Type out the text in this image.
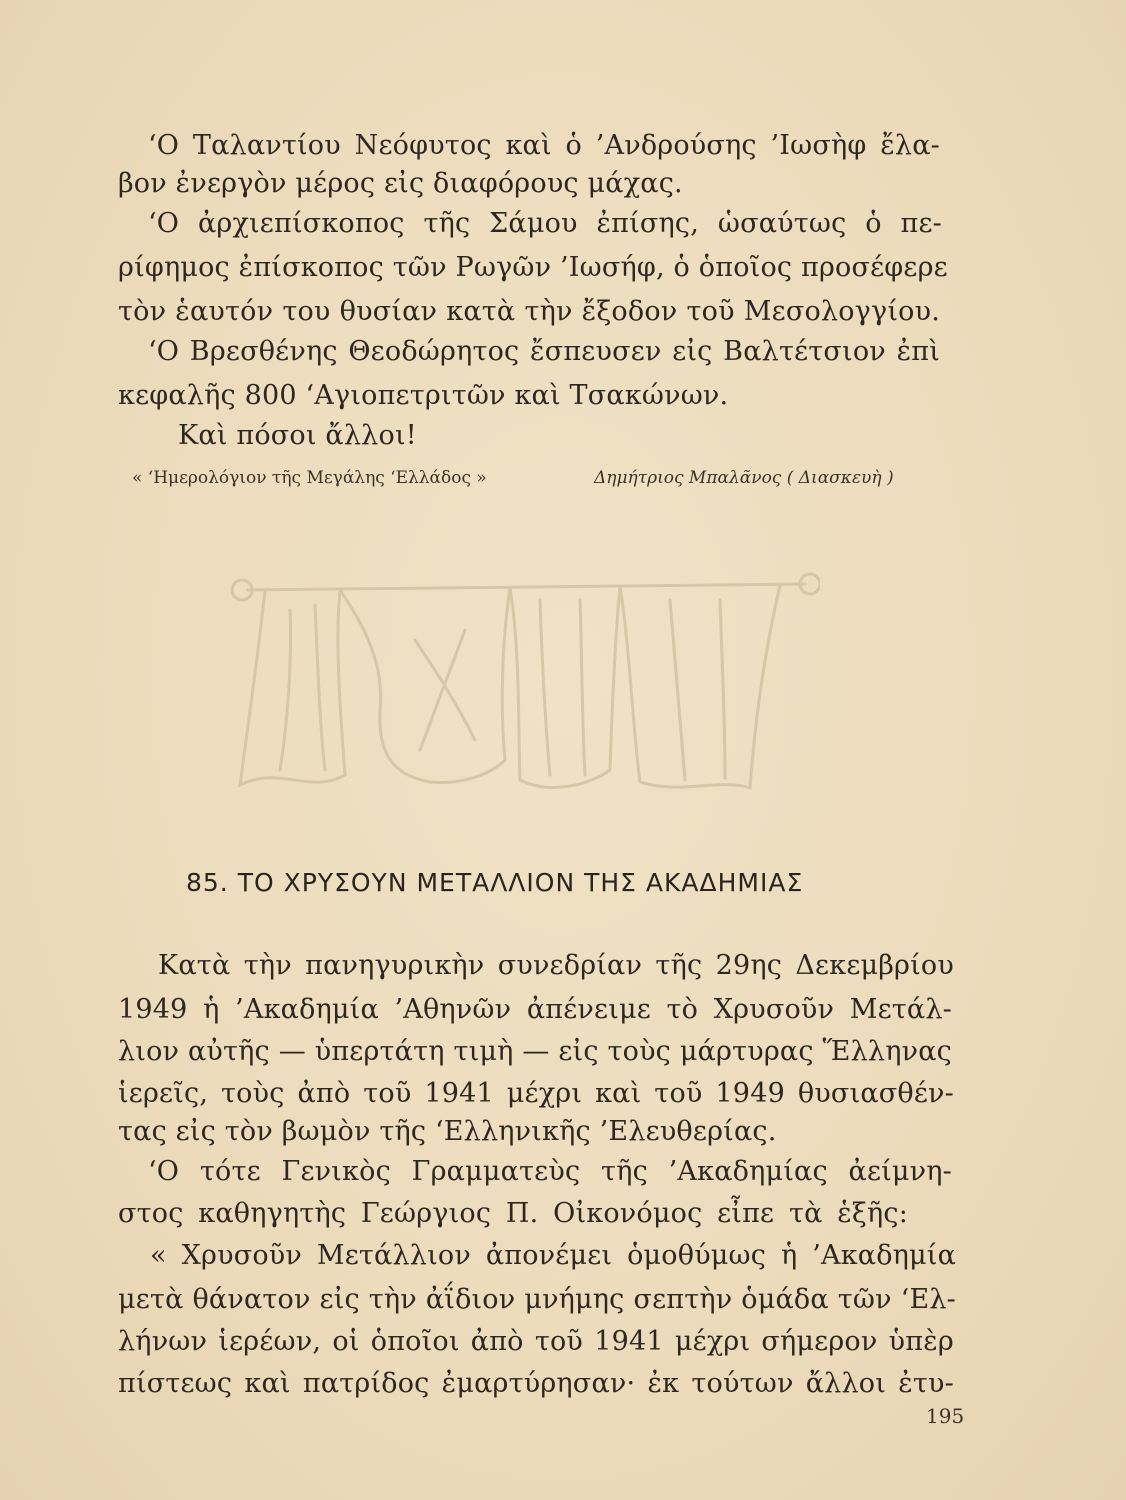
‘Ο Ταλαντίου Νεόφυτος καὶ ὁ ’Ανδρούσης ’Ιωσὴφ ἔλα-
βον ἐνεργὸν μέρος εἰς διαφόρους μάχας.
‘Ο ἀρχιεπίσκοπος τῆς Σάμου ἐπίσης, ὡσαύτως ὁ πε-
ρίφημος ἐπίσκοπος τῶν Ρωγῶν ’Ιωσήφ, ὁ ὁποῖος προσέφερε
τὸν ἑαυτόν του θυσίαν κατὰ τὴν ἔξοδον τοῦ Μεσολογγίου.
‘Ο Βρεσθένης Θεοδώρητος ἔσπευσεν εἰς Βαλτέτσιον ἐπὶ
κεφαλῆς 800 ‘Αγιοπετριτῶν καὶ Τσακώνων.
Καὶ πόσοι ἄλλοι!
« ‘Ημερολόγιον τῆς Μεγάλης ‘Ελλάδος »	Δημήτριος Μπαλᾶνος ( Διασκευὴ )
85. ΤΟ ΧΡΥΣΟΥΝ ΜΕΤΑΛΛΙΟΝ ΤΗΣ ΑΚΑΔΗΜΙΑΣ
Κατὰ τὴν πανηγυρικὴν συνεδρίαν τῆς 29ης Δεκεμβρίου
1949 ἡ ’Ακαδημία ’Αθηνῶν ἀπένειμε τὸ Χρυσοῦν Μετάλ-
λιον αὐτῆς — ὑπερτάτη τιμὴ — εἰς τοὺς μάρτυρας Ἕλληνας
ἱερεῖς, τοὺς ἀπὸ τοῦ 1941 μέχρι καὶ τοῦ 1949 θυσιασθέν-
τας εἰς τὸν βωμὸν τῆς ‘Ελληνικῆς ’Ελευθερίας.
‘Ο τότε Γενικὸς Γραμματεὺς τῆς ’Ακαδημίας ἀείμνη-
στος καθηγητὴς Γεώργιος Π. Οἰκονόμος εἶπε τὰ ἑξῆς:
« Χρυσοῦν Μετάλλιον ἀπονέμει ὁμοθύμως ἡ ’Ακαδημία
μετὰ θάνατον εἰς τὴν ἀΐδιον μνήμης σεπτὴν ὁμάδα τῶν ‘Ελ-
λήνων ἱερέων, οἱ ὁποῖοι ἀπὸ τοῦ 1941 μέχρι σήμερον ὑπὲρ
πίστεως καὶ πατρίδος ἐμαρτύρησαν· ἐκ τούτων ἄλλοι ἐτυ-
195
